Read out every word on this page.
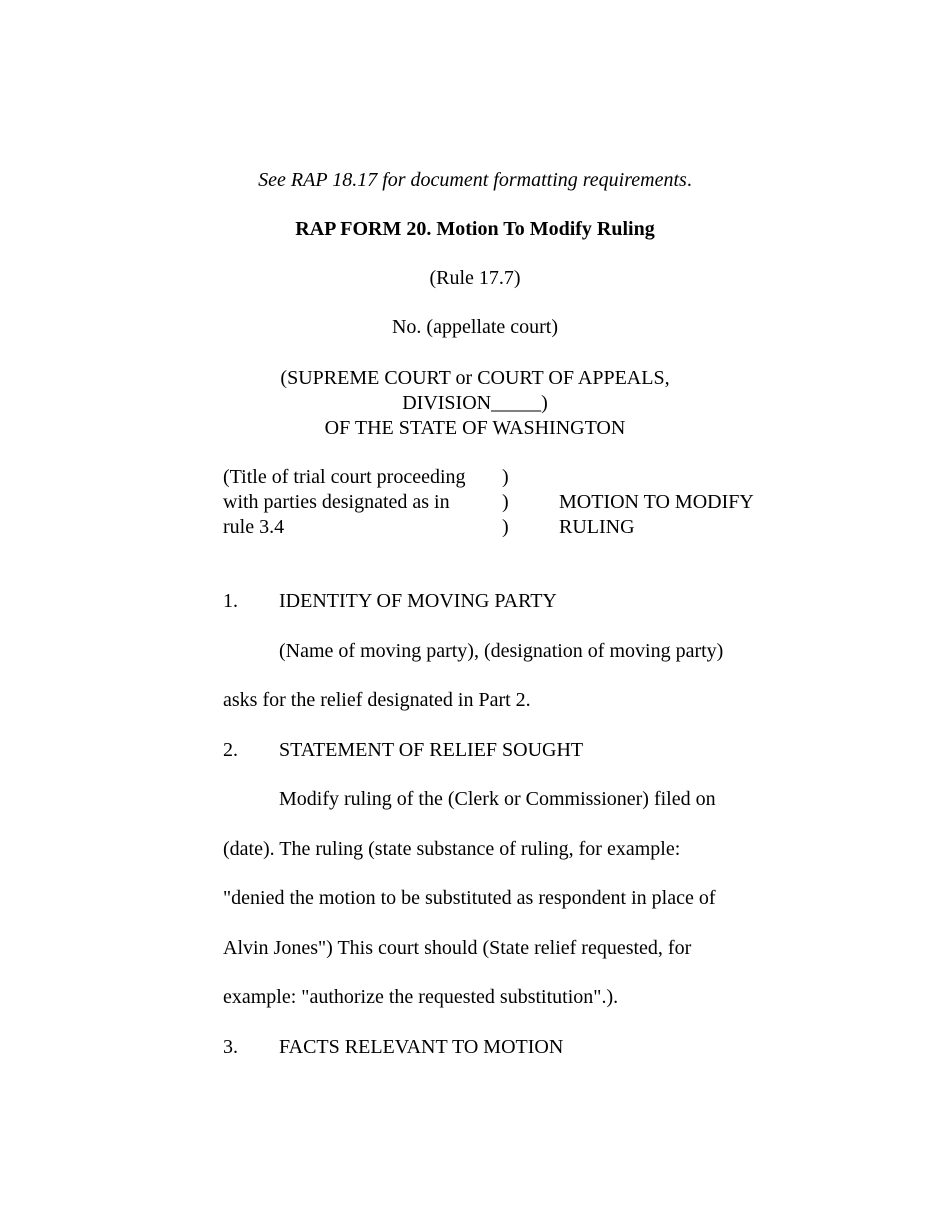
See RAP 18.17 for document formatting requirements.
RAP FORM 20. Motion To Modify Ruling
(Rule 17.7)
No. (appellate court)
(SUPREME COURT or COURT OF APPEALS,
DIVISION_____)
OF THE STATE OF WASHINGTON
(Title of trial court proceeding
with parties designated as in
rule 3.4
)
)
)
MOTION TO MODIFY
RULING
1. IDENTITY OF MOVING PARTY
(Name of moving party), (designation of moving party)
asks for the relief designated in Part 2.
2. STATEMENT OF RELIEF SOUGHT
Modify ruling of the (Clerk or Commissioner) filed on
(date). The ruling (state substance of ruling, for example:
"denied the motion to be substituted as respondent in place of
Alvin Jones") This court should (State relief requested, for
example: "authorize the requested substitution".).
3. FACTS RELEVANT TO MOTION
